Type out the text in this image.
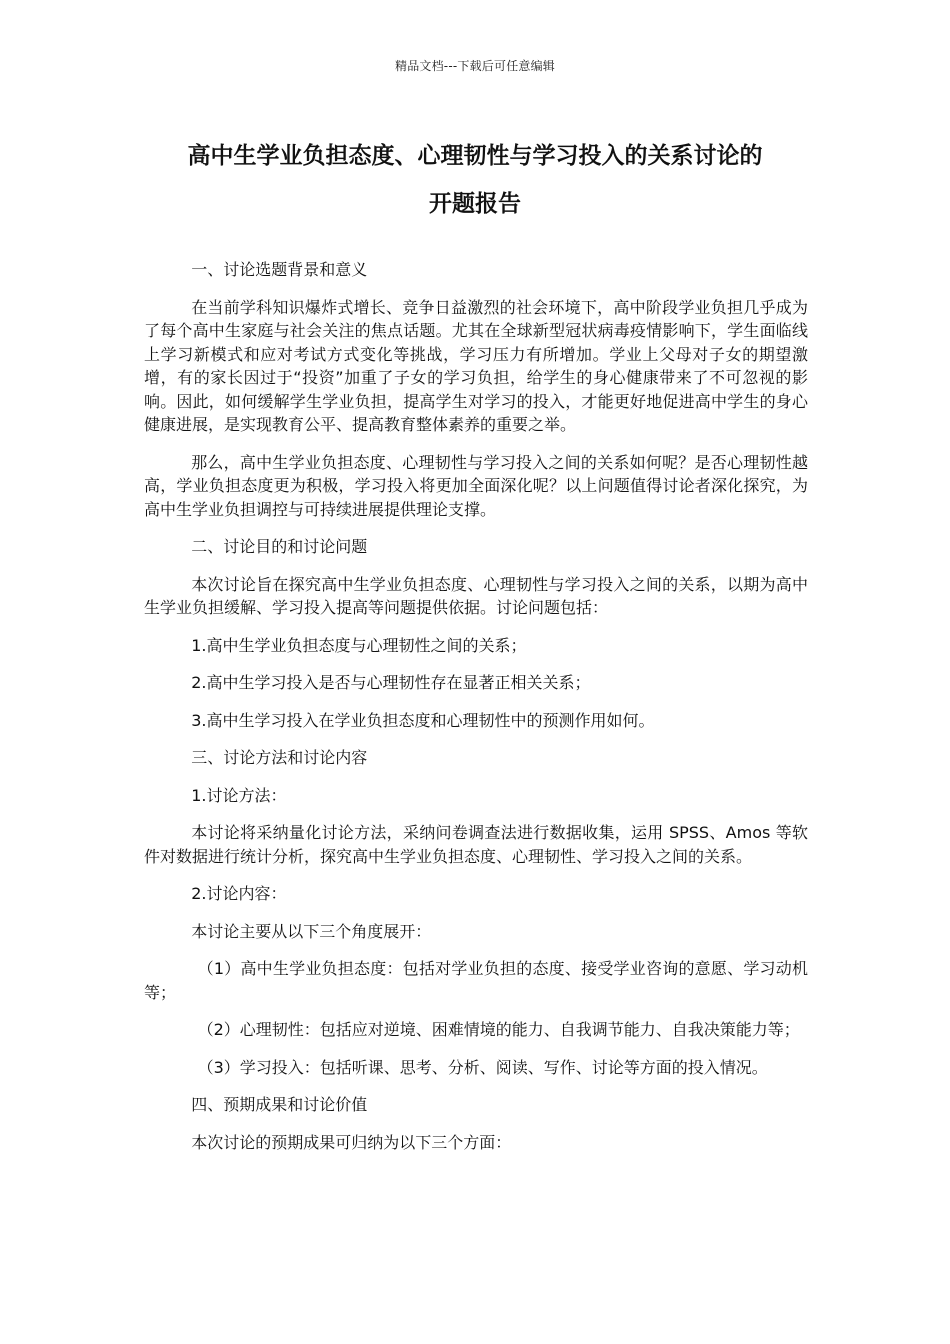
精品文档---下载后可任意编辑
高中生学业负担态度、心理韧性与学习投入的关系讨论的
开题报告

一、讨论选题背景和意义

在当前学科知识爆炸式增长、竞争日益激烈的社会环境下，高中阶段学业负担几乎成为了每个高中生家庭与社会关注的焦点话题。尤其在全球新型冠状病毒疫情影响下，学生面临线上学习新模式和应对考试方式变化等挑战，学习压力有所增加。学业上父母对子女的期望激增，有的家长因过于“投资”加重了子女的学习负担，给学生的身心健康带来了不可忽视的影响。因此，如何缓解学生学业负担，提高学生对学习的投入，才能更好地促进高中学生的身心健康进展，是实现教育公平、提高教育整体素养的重要之举。

那么，高中生学业负担态度、心理韧性与学习投入之间的关系如何呢？是否心理韧性越高，学业负担态度更为积极，学习投入将更加全面深化呢？以上问题值得讨论者深化探究，为高中生学业负担调控与可持续进展提供理论支撑。

二、讨论目的和讨论问题

本次讨论旨在探究高中生学业负担态度、心理韧性与学习投入之间的关系，以期为高中生学业负担缓解、学习投入提高等问题提供依据。讨论问题包括：

1.高中生学业负担态度与心理韧性之间的关系；

2.高中生学习投入是否与心理韧性存在显著正相关关系；

3.高中生学习投入在学业负担态度和心理韧性中的预测作用如何。

三、讨论方法和讨论内容

1.讨论方法：

本讨论将采纳量化讨论方法，采纳问卷调查法进行数据收集，运用 SPSS、Amos 等软件对数据进行统计分析，探究高中生学业负担态度、心理韧性、学习投入之间的关系。

2.讨论内容：

本讨论主要从以下三个角度展开：

（1）高中生学业负担态度：包括对学业负担的态度、接受学业咨询的意愿、学习动机等；

（2）心理韧性：包括应对逆境、困难情境的能力、自我调节能力、自我决策能力等；

（3）学习投入：包括听课、思考、分析、阅读、写作、讨论等方面的投入情况。

四、预期成果和讨论价值

本次讨论的预期成果可归纳为以下三个方面：
